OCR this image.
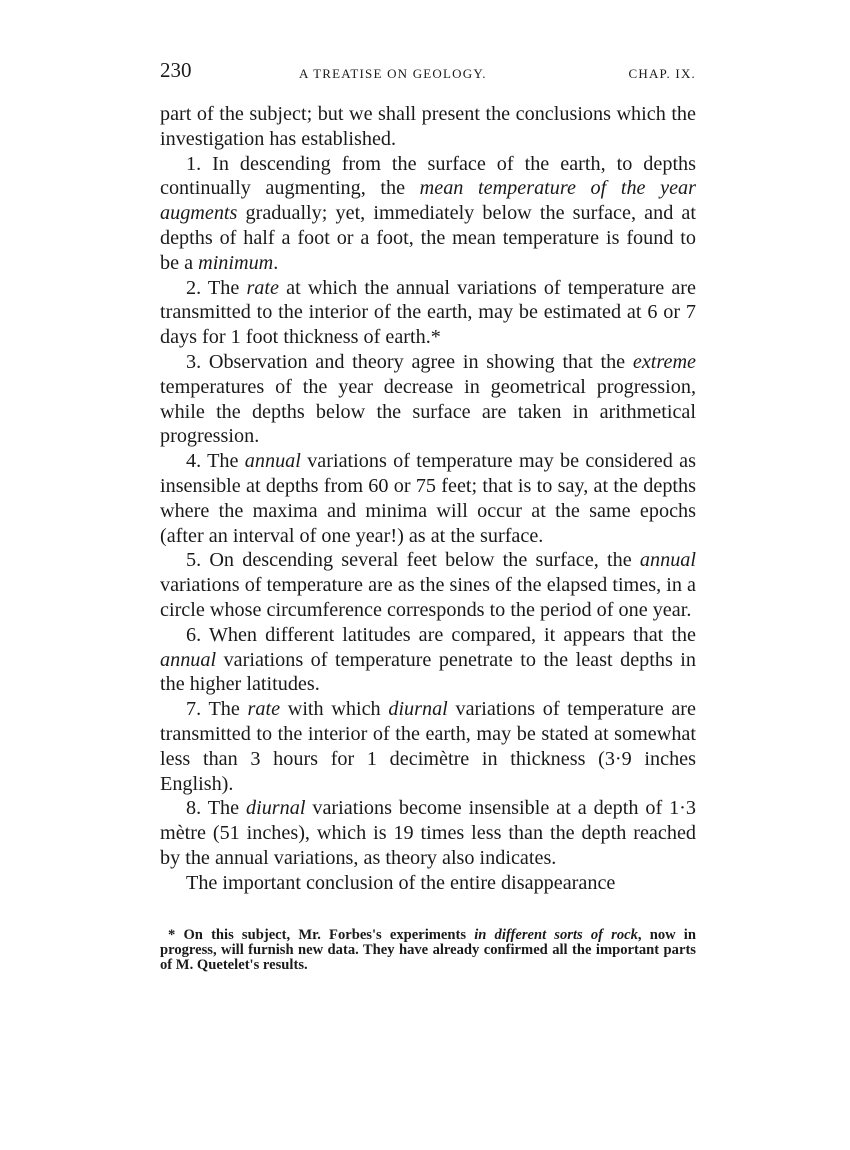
230	A TREATISE ON GEOLOGY.	CHAP. IX.

part of the subject; but we shall present the conclusions which the investigation has established.

1. In descending from the surface of the earth, to depths continually augmenting, the mean temperature of the year augments gradually; yet, immediately below the surface, and at depths of half a foot or a foot, the mean temperature is found to be a minimum.

2. The rate at which the annual variations of temperature are transmitted to the interior of the earth, may be estimated at 6 or 7 days for 1 foot thickness of earth.*

3. Observation and theory agree in showing that the extreme temperatures of the year decrease in geometrical progression, while the depths below the surface are taken in arithmetical progression.

4. The annual variations of temperature may be considered as insensible at depths from 60 or 75 feet; that is to say, at the depths where the maxima and minima will occur at the same epochs (after an interval of one year!) as at the surface.

5. On descending several feet below the surface, the annual variations of temperature are as the sines of the elapsed times, in a circle whose circumference corresponds to the period of one year.

6. When different latitudes are compared, it appears that the annual variations of temperature penetrate to the least depths in the higher latitudes.

7. The rate with which diurnal variations of temperature are transmitted to the interior of the earth, may be stated at somewhat less than 3 hours for 1 decimètre in thickness (3·9 inches English).

8. The diurnal variations become insensible at a depth of 1·3 mètre (51 inches), which is 19 times less than the depth reached by the annual variations, as theory also indicates.

The important conclusion of the entire disappearance

* On this subject, Mr. Forbes's experiments in different sorts of rock, now in progress, will furnish new data. They have already confirmed all the important parts of M. Quetelet's results.
